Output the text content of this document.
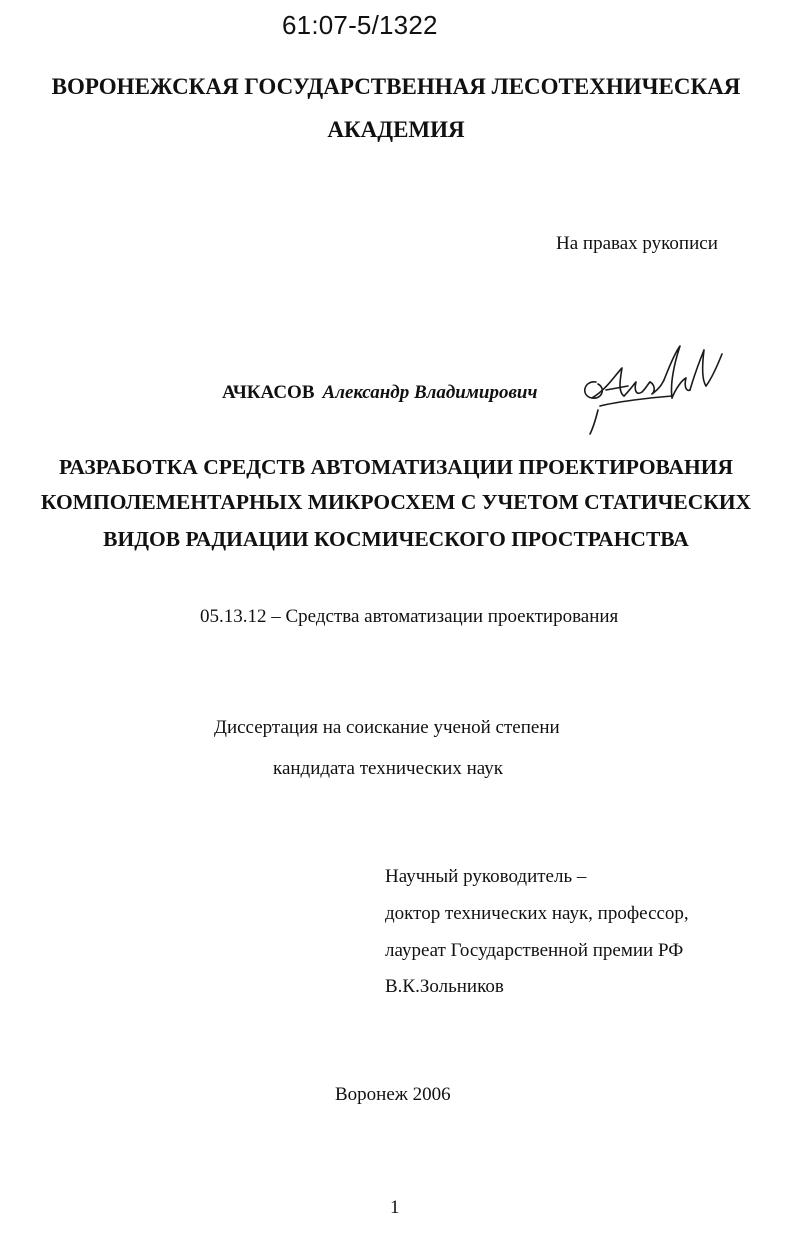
61:07-5/1322
ВОРОНЕЖСКАЯ ГОСУДАРСТВЕННАЯ ЛЕСОТЕХНИЧЕСКАЯ
АКАДЕМИЯ
На правах рукописи
АЧКАСОВ Александр Владимирович
РАЗРАБОТКА СРЕДСТВ АВТОМАТИЗАЦИИ ПРОЕКТИРОВАНИЯ
КОМПОЛЕМЕНТАРНЫХ МИКРОСХЕМ С УЧЕТОМ СТАТИЧЕСКИХ
ВИДОВ РАДИАЦИИ КОСМИЧЕСКОГО ПРОСТРАНСТВА
05.13.12 – Средства автоматизации проектирования
Диссертация на соискание ученой степени
кандидата технических наук
Научный руководитель –
доктор технических наук, профессор,
лауреат Государственной премии РФ
В.К.Зольников
Воронеж 2006
1
